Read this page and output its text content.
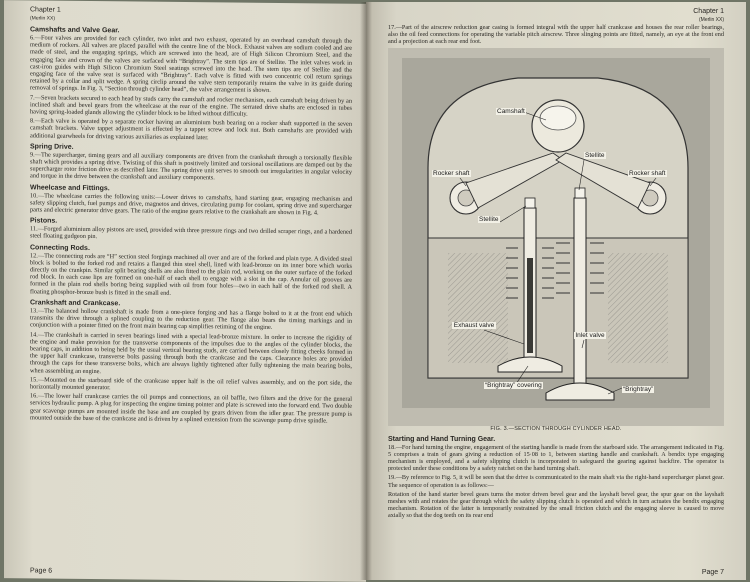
Chapter 1
(Merlin XX)
Camshafts and Valve Gear.

6.—Four valves are provided for each cylinder, two inlet and two exhaust, operated by an overhead camshaft through the medium of rockers. All valves are placed parallel with the centre line of the block. Exhaust valves are sodium cooled and are made of steel, and the engaging springs, which are screwed into the head, are of High Silicon Chromium Steel, and the engaging face and crown of the valves are surfaced with “Brightray”. The stem tips are of Stellite. The inlet valves work in cast-iron guides with High Silicon Chromium Steel seatings screwed into the head. The stem tips are of Stellite and the engaging face of the valve seat is surfaced with “Brightray”. Each valve is fitted with two concentric coil return springs retained by a collar and split wedge. A spring circlip around the valve stem temporarily retains the valve in its guide during removal of springs. In Fig. 3, “Section through cylinder head”, the valve arrangement is shown.

7.—Seven brackets secured to each head by studs carry the camshaft and rocker mechanism, each camshaft being driven by an inclined shaft and bevel gears from the wheelcase at the rear of the engine. The serrated drive shafts are enclosed in tubes having spring-loaded glands allowing the cylinder block to be lifted without difficulty.

8.—Each valve is operated by a separate rocker having an aluminium bush bearing on a rocker shaft supported in the seven camshaft brackets. Valve tappet adjustment is effected by a tappet screw and lock nut. Both camshafts are provided with additional gearwheels for driving various auxiliaries as explained later.

Spring Drive.

9.—The supercharger, timing gears and all auxiliary components are driven from the crankshaft through a torsionally flexible shaft which provides a spring drive. Twisting of this shaft is positively limited and torsional oscillations are damped out by the supercharger rotor friction drive as described later. The spring drive unit serves to smooth out irregularities in angular velocity and torque in the drive between the crankshaft and auxiliary components.

Wheelcase and Fittings.

10.—The wheelcase carries the following units:—Lower drives to camshafts, hand starting gear, engaging mechanism and safety slipping clutch, fuel pumps and drive, magnetos and drives, circulating pump for coolant, spring drive and supercharger parts and electric generator drive gears. The ratio of the engine gears relative to the crankshaft are shown in Fig. 4.

Pistons.

11.—Forged aluminium alloy pistons are used, provided with three pressure rings and two drilled scraper rings, and a hardened steel floating gudgeon pin.

Connecting Rods.

12.—The connecting rods are “H” section steel forgings machined all over and are of the forked and plain type. A divided steel block is bolted to the forked rod and retains a flanged thin steel shell, lined with lead-bronze on its inner bore which works directly on the crankpin. Similar split bearing shells are also fitted to the plain rod, working on the outer surface of the forked rod block. In each case lips are formed on one-half of each shell to engage with a slot in the cap. Annular oil grooves are formed in the plain rod shells boring being supplied with oil from four holes—two in each half of the forked rod shell. A floating phosphor-bronze bush is fitted in the small end.

Crankshaft and Crankcase.

13.—The balanced hollow crankshaft is made from a one-piece forging and has a flange bolted to it at the front end which transmits the drive through a splined coupling to the reduction gear. The flange also bears the timing markings and in conjunction with a pointer fitted on the front main bearing cap simplifies retiming of the engine.

14.—The crankshaft is carried in seven bearings lined with a special lead-bronze mixture. In order to increase the rigidity of the engine and make provision for the transverse components of the impulses due to the angles of the cylinder blocks, the bearing caps, in addition to being held by the usual vertical bearing studs, are carried between closely fitting cheeks formed in the upper half crankcase, transverse bolts passing through both the crankcase and the caps. Clearance holes are provided through the caps for these transverse bolts, which are always lightly tightened after fully tightening the main bearing bolts, when assembling an engine.

15.—Mounted on the starboard side of the crankcase upper half is the oil relief valves assembly, and on the port side, the horizontally mounted generator.

16.—The lower half crankcase carries the oil pumps and connections, an oil baffle, two filters and the drive for the general services hydraulic pump. A plug for inspecting the engine timing pointer and plate is screwed into the forward end. Two double gear scavenge pumps are mounted inside the base and are coupled by gears driven from the idler gear. The pressure pump is mounted outside the base of the crankcase and is driven by a splined extension from the scavenge pump drive spindle.

Page 6
Chapter 1
(Merlin XX)

17.—Part of the airscrew reduction gear casing is formed integral with the upper half crankcase and houses the rear roller bearings, also the oil feed connections for operating the variable pitch airscrew. Three slinging points are fitted, namely, an eye at the front end and a projection at each rear end foot.

Camshaft
Stellite
Rocker shaft	Rocker shaft
Stellite
Exhaust valve
Inlet valve
“Brightray” covering
“Brightray”
FIG. 3.—SECTION THROUGH CYLINDER HEAD.
Starting and Hand Turning Gear.

18.—For hand turning the engine, engagement of the starting handle is made from the starboard side. The arrangement indicated in Fig. 5 comprises a train of gears giving a reduction of 15·08 to 1, between starting handle and crankshaft. A bendix type engaging mechanism is employed, and a safety slipping clutch is incorporated to safeguard the gearing against backfire. The operator is protected under these conditions by a safety ratchet on the hand turning shaft.

19.—By reference to Fig. 5, it will be seen that the drive is communicated to the main shaft via the right-hand supercharger planet gear. The sequence of operation is as follows:—

Rotation of the hand starter bevel gears turns the motor driven bevel gear and the layshaft bevel gear, the spur gear on the layshaft meshes with and rotates the gear through which the safety slipping clutch is operated and which in turn actuates the bendix engaging mechanism. Rotation of the latter is temporarily restrained by the small friction clutch and the engaging sleeve is caused to move axially so that the dog teeth on its rear end

Page 7
